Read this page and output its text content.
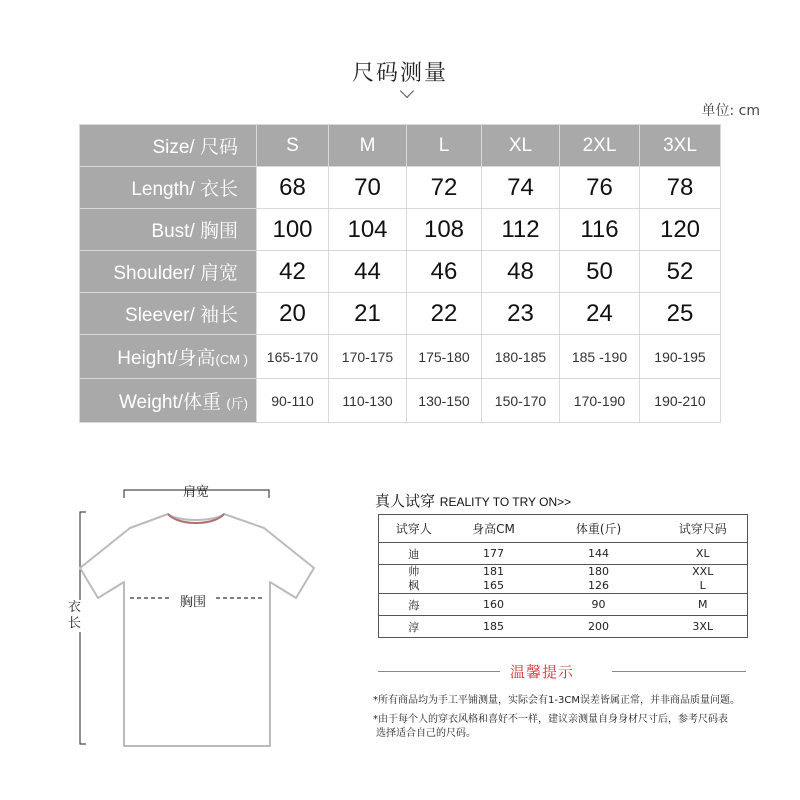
尺码测量
单位: cm
Size/ 尺码	S	M	L	XL	2XL	3XL
Length/ 衣长	68	70	72	74	76	78
Bust/ 胸围	100	104	108	112	116	120
Shoulder/ 肩宽	42	44	46	48	50	52
Sleever/ 袖长	20	21	22	23	24	25
Height/身高(CM )	165-170	170-175	175-180	180-185	185 -190	190-195
Weight/体重 (斤)	90-110	110-130	130-150	150-170	170-190	190-210
肩宽
胸围
衣长
真人试穿 REALITY TO TRY ON>>
试穿人	身高CM	体重(斤)	试穿尺码
迪	177	144	XL
帅	181	180	XXL
枫	165	126	L
海	160	90	M
淳	185	200	3XL
温馨提示
*所有商品均为手工平铺测量，实际会有1-3CM误差皆属正常，并非商品质量问题。
*由于每个人的穿衣风格和喜好不一样，建议亲测量自身身材尺寸后，参考尺码表
选择适合自己的尺码。
